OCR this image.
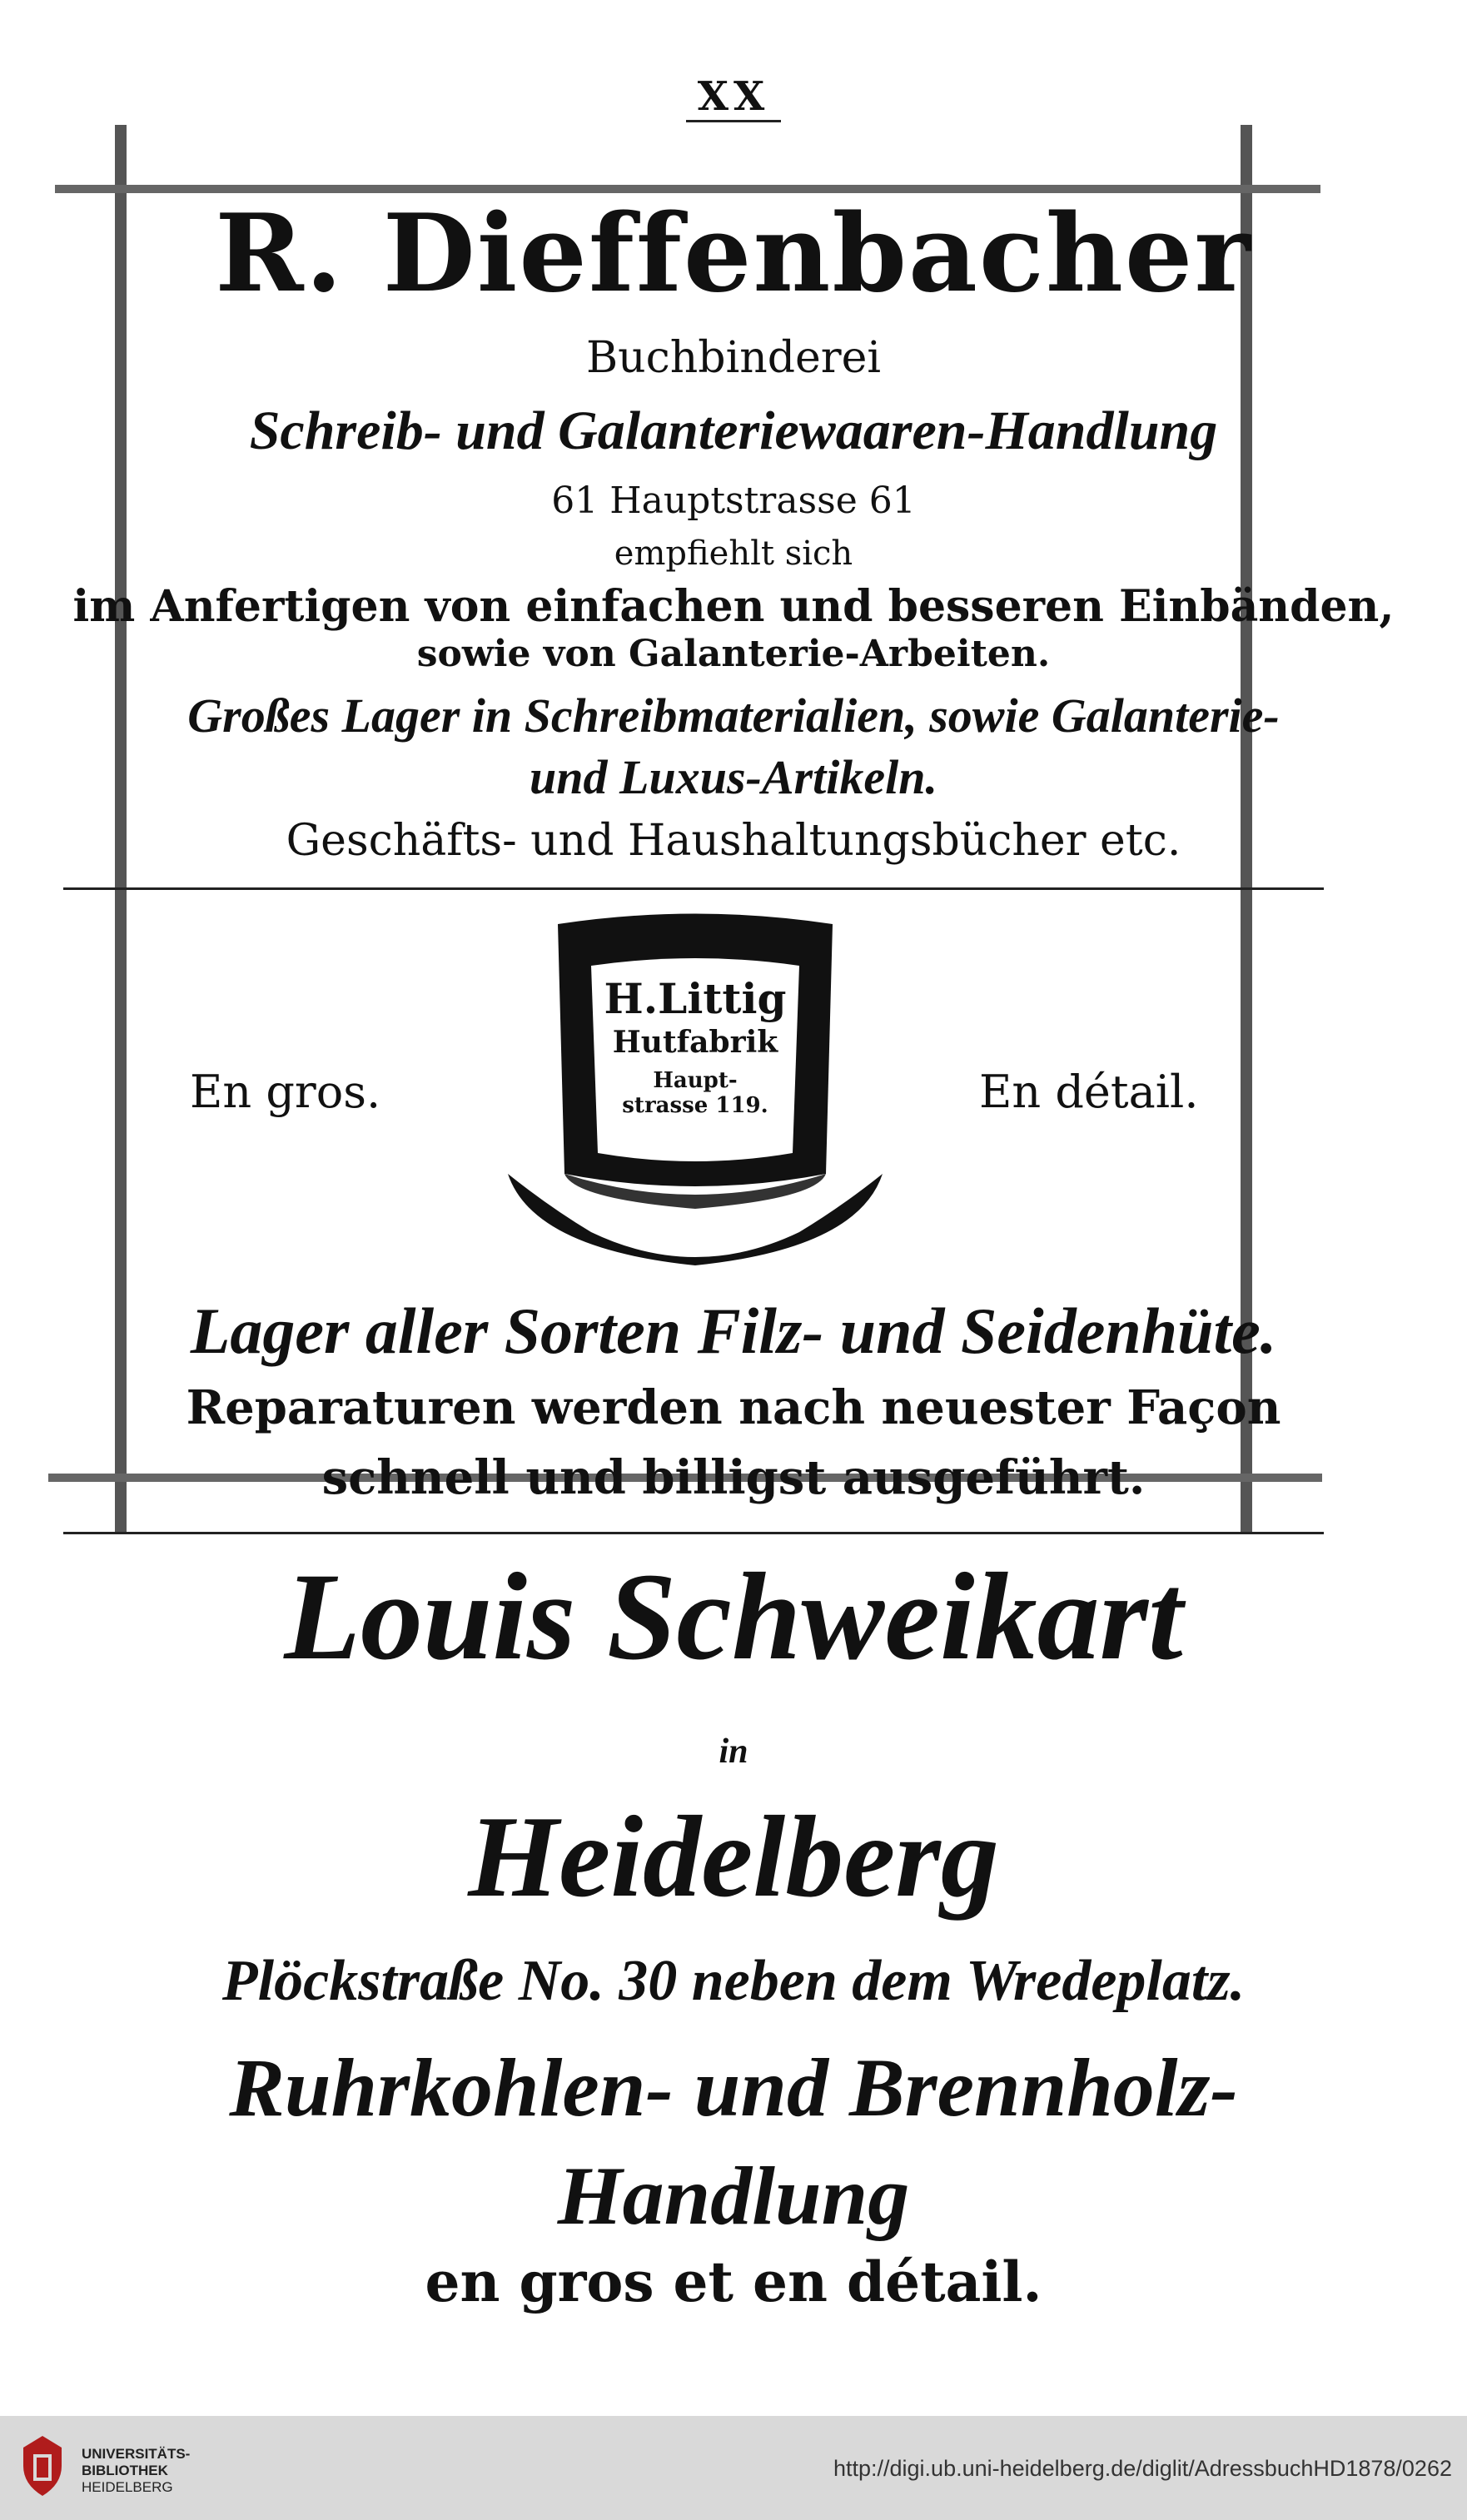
XX
R. Dieffenbacher
Buchbinderei
Schreib- und Galanteriewaaren-Handlung
61 Hauptstrasse 61
empfiehlt sich
im Anfertigen von einfachen und besseren Einbänden,
sowie von Galanterie-Arbeiten.
Großes Lager in Schreibmaterialien, sowie Galanterie-
und Luxus-Artikeln.
Geschäfts- und Haushaltungsbücher etc.
En gros.	En détail.
H.Littig
Hutfabrik
Haupt-
strasse 119.
Lager aller Sorten Filz- und Seidenhüte.
Reparaturen werden nach neuester Façon
schnell und billigst ausgeführt.
Louis Schweikart
in
Heidelberg
Plöckstraße No. 30 neben dem Wredeplatz.
Ruhrkohlen- und Brennholz-
Handlung
en gros et en détail.
UNIVERSITÄTS-
BIBLIOTHEK
HEIDELBERG
http://digi.ub.uni-heidelberg.de/diglit/AdressbuchHD1878/0262
